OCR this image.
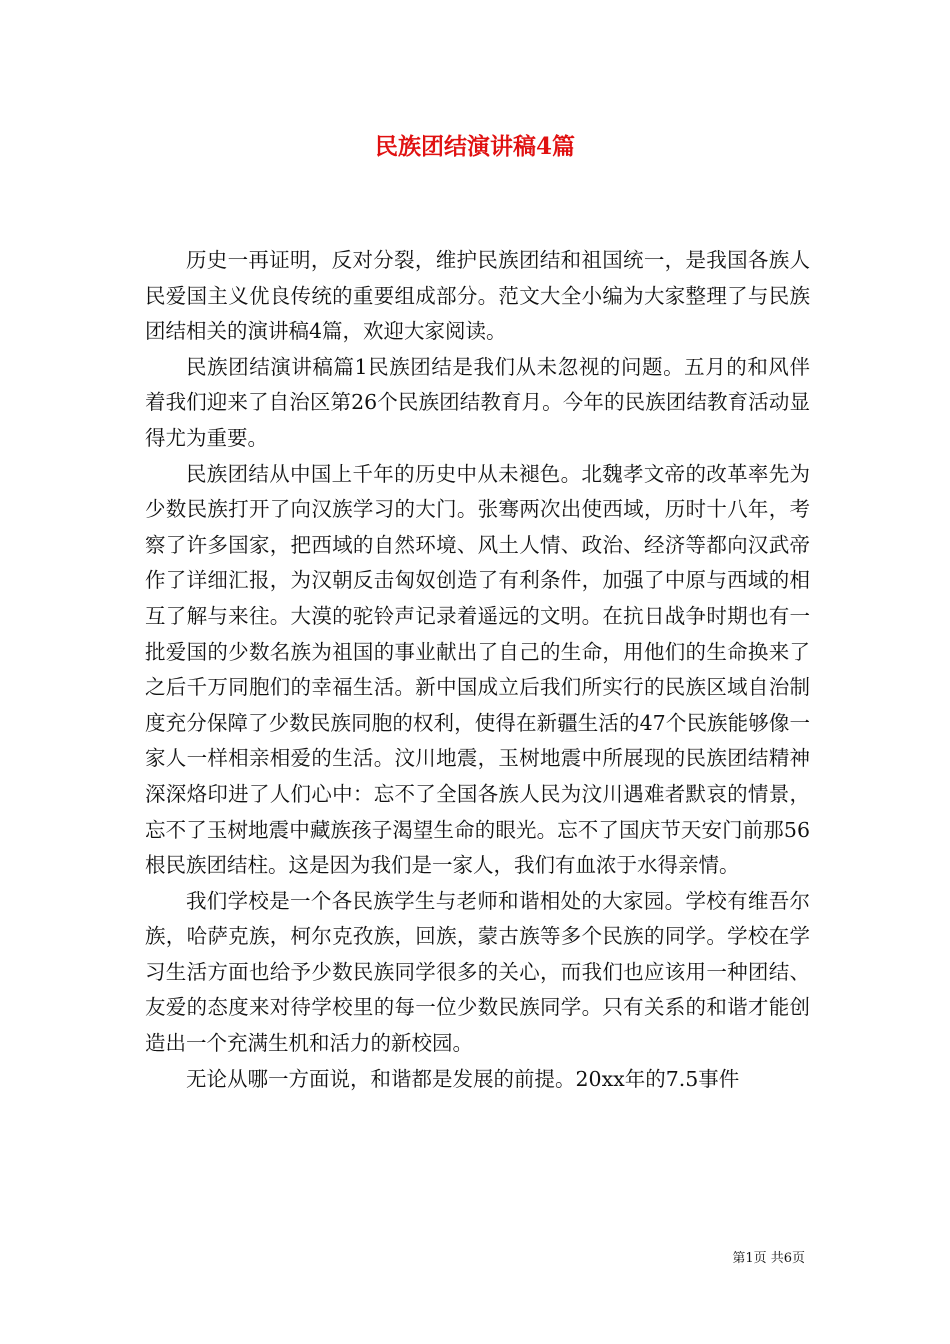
民族团结演讲稿4篇

历史一再证明，反对分裂，维护民族团结和祖国统一，是我国各族人民爱国主义优良传统的重要组成部分。范文大全小编为大家整理了与民族团结相关的演讲稿4篇，欢迎大家阅读。

民族团结演讲稿篇1民族团结是我们从未忽视的问题。五月的和风伴着我们迎来了自治区第26个民族团结教育月。今年的民族团结教育活动显得尤为重要。

民族团结从中国上千年的历史中从未褪色。北魏孝文帝的改革率先为少数民族打开了向汉族学习的大门。张骞两次出使西域，历时十八年，考察了许多国家，把西域的自然环境、风土人情、政治、经济等都向汉武帝作了详细汇报，为汉朝反击匈奴创造了有利条件，加强了中原与西域的相互了解与来往。大漠的驼铃声记录着遥远的文明。在抗日战争时期也有一批爱国的少数名族为祖国的事业献出了自己的生命，用他们的生命换来了之后千万同胞们的幸福生活。新中国成立后我们所实行的民族区域自治制度充分保障了少数民族同胞的权利，使得在新疆生活的47个民族能够像一家人一样相亲相爱的生活。汶川地震，玉树地震中所展现的民族团结精神深深烙印进了人们心中：忘不了全国各族人民为汶川遇难者默哀的情景，忘不了玉树地震中藏族孩子渴望生命的眼光。忘不了国庆节天安门前那56根民族团结柱。这是因为我们是一家人，我们有血浓于水得亲情。

我们学校是一个各民族学生与老师和谐相处的大家园。学校有维吾尔族，哈萨克族，柯尔克孜族，回族，蒙古族等多个民族的同学。学校在学习生活方面也给予少数民族同学很多的关心，而我们也应该用一种团结、友爱的态度来对待学校里的每一位少数民族同学。只有关系的和谐才能创造出一个充满生机和活力的新校园。

无论从哪一方面说，和谐都是发展的前提。20xx年的7.5事件

第1页 共6页
